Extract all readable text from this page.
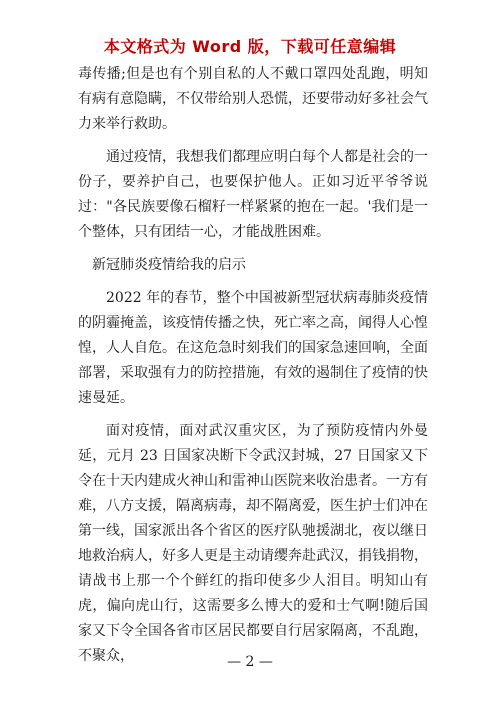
本文格式为 Word 版，下载可任意编辑

毒传播;但是也有个别自私的人不戴口罩四处乱跑，明知有病有意隐瞒，不仅带给别人恐慌，还要带动好多社会气力来举行救助。

通过疫情，我想我们都理应明白每个人都是社会的一份子，要养护自己，也要保护他人。正如习近平爷爷说过："各民族要像石榴籽一样紧紧的抱在一起。'我们是一个整体，只有团结一心，才能战胜困难。

新冠肺炎疫情给我的启示

2022 年的春节，整个中国被新型冠状病毒肺炎疫情的阴霾掩盖，该疫情传播之快，死亡率之高，闻得人心惶惶，人人自危。在这危急时刻我们的国家急速回响，全面部署，采取强有力的防控措施，有效的遏制住了疫情的快速曼延。

面对疫情，面对武汉重灾区，为了预防疫情内外曼延，元月 23 日国家决断下令武汉封城，27 日国家又下令在十天内建成火神山和雷神山医院来收治患者。一方有难，八方支援，隔离病毒，却不隔离爱，医生护士们冲在第一线，国家派出各个省区的医疗队驰援湖北，夜以继日地救治病人，好多人更是主动请缨奔赴武汉，捐钱捐物，请战书上那一个个鲜红的指印使多少人泪目。明知山有虎，偏向虎山行，这需要多么博大的爱和士气啊!随后国家又下令全国各省市区居民都要自行居家隔离，不乱跑，不聚众，	— 2 —
